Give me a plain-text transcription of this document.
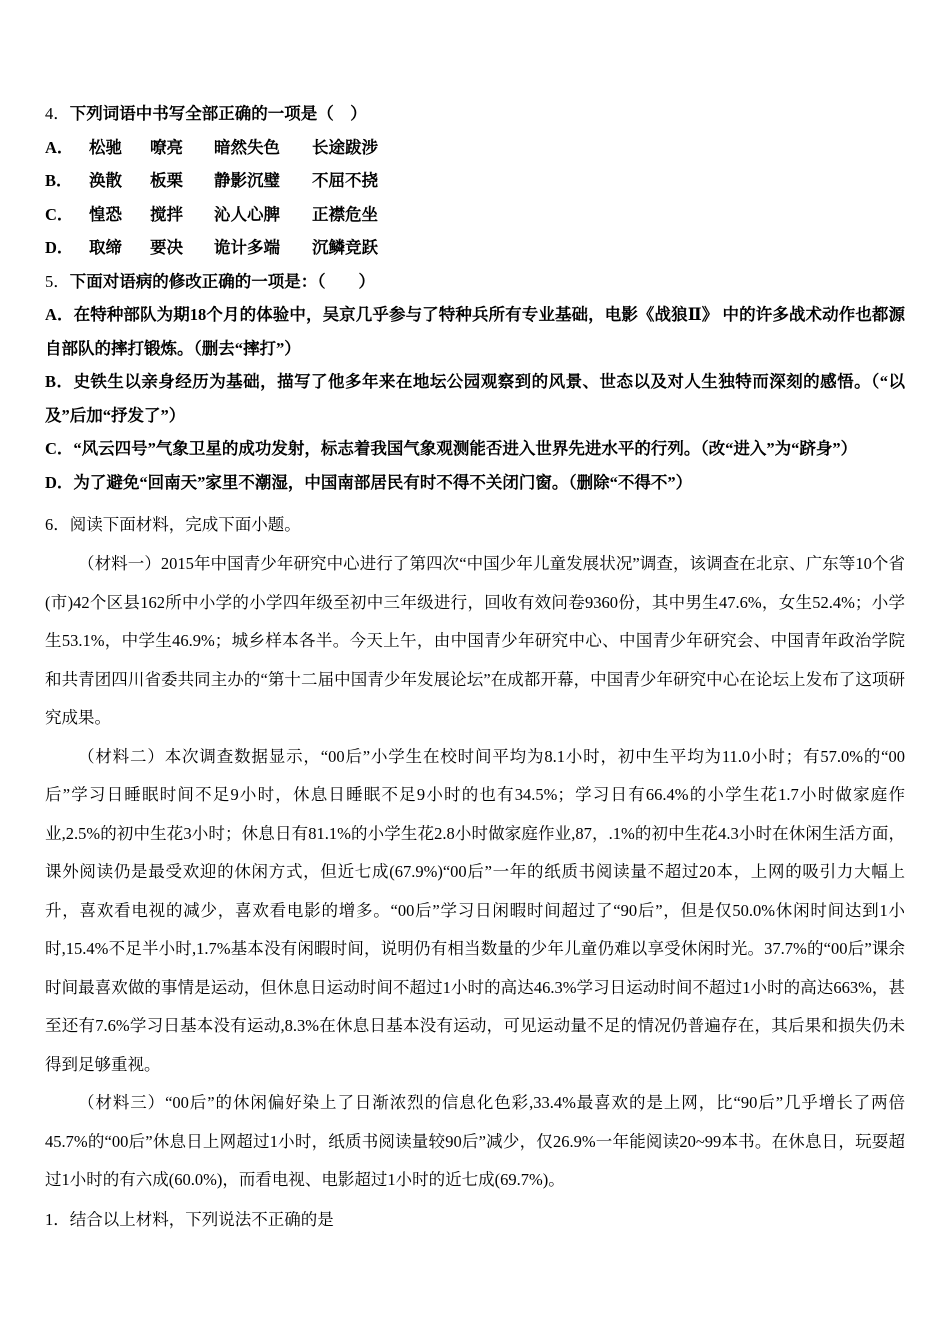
4．下列词语中书写全部正确的一项是（　）

A． 松驰 嘹亮 暗然失色 长途跋涉

B． 涣散 板栗 静影沉璧 不屈不挠

C． 惶恐 搅拌 沁人心脾 正襟危坐

D． 取缔 要决 诡计多端 沉鳞竞跃

5．下面对语病的修改正确的一项是：（　　）

A．在特种部队为期18个月的体验中，吴京几乎参与了特种兵所有专业基础，电影《战狼Ⅱ》 中的许多战术动作也都源自部队的摔打锻炼。（删去“摔打”）

B．史铁生以亲身经历为基础，描写了他多年来在地坛公园观察到的风景、世态以及对人生独特而深刻的感悟。（“以及”后加“抒发了”）

C．“风云四号”气象卫星的成功发射，标志着我国气象观测能否进入世界先进水平的行列。（改“进入”为“跻身”）

D．为了避免“回南天”家里不潮湿，中国南部居民有时不得不关闭门窗。（删除“不得不”）

6．阅读下面材料，完成下面小题。

（材料一）2015年中国青少年研究中心进行了第四次“中国少年儿童发展状况”调查，该调查在北京、广东等10个省(市)42个区县162所中小学的小学四年级至初中三年级进行，回收有效问卷9360份，其中男生47.6%，女生52.4%；小学生53.1%，中学生46.9%；城乡样本各半。今天上午，由中国青少年研究中心、中国青少年研究会、中国青年政治学院和共青团四川省委共同主办的“第十二届中国青少年发展论坛”在成都开幕，中国青少年研究中心在论坛上发布了这项研究成果。

（材料二）本次调查数据显示，“00后”小学生在校时间平均为8.1小时，初中生平均为11.0小时；有57.0%的“00后”学习日睡眠时间不足9小时，休息日睡眠不足9小时的也有34.5%；学习日有66.4%的小学生花1.7小时做家庭作业,2.5%的初中生花3小时；休息日有81.1%的小学生花2.8小时做家庭作业,87，.1%的初中生花4.3小时在休闲生活方面，课外阅读仍是最受欢迎的休闲方式，但近七成(67.9%)“00后”一年的纸质书阅读量不超过20本，上网的吸引力大幅上升，喜欢看电视的减少，喜欢看电影的增多。“00后”学习日闲暇时间超过了“90后”，但是仅50.0%休闲时间达到1小时,15.4%不足半小时,1.7%基本没有闲暇时间，说明仍有相当数量的少年儿童仍难以享受休闲时光。37.7%的“00后”课余时间最喜欢做的事情是运动，但休息日运动时间不超过1小时的高达46.3%学习日运动时间不超过1小时的高达663%，甚至还有7.6%学习日基本没有运动,8.3%在休息日基本没有运动，可见运动量不足的情况仍普遍存在，其后果和损失仍未得到足够重视。

（材料三）“00后”的休闲偏好染上了日渐浓烈的信息化色彩,33.4%最喜欢的是上网，比“90后”几乎增长了两倍45.7%的“00后”休息日上网超过1小时，纸质书阅读量较90后”减少，仅26.9%一年能阅读20~99本书。在休息日，玩耍超过1小时的有六成(60.0%)，而看电视、电影超过1小时的近七成(69.7%)。

1．结合以上材料，下列说法不正确的是
